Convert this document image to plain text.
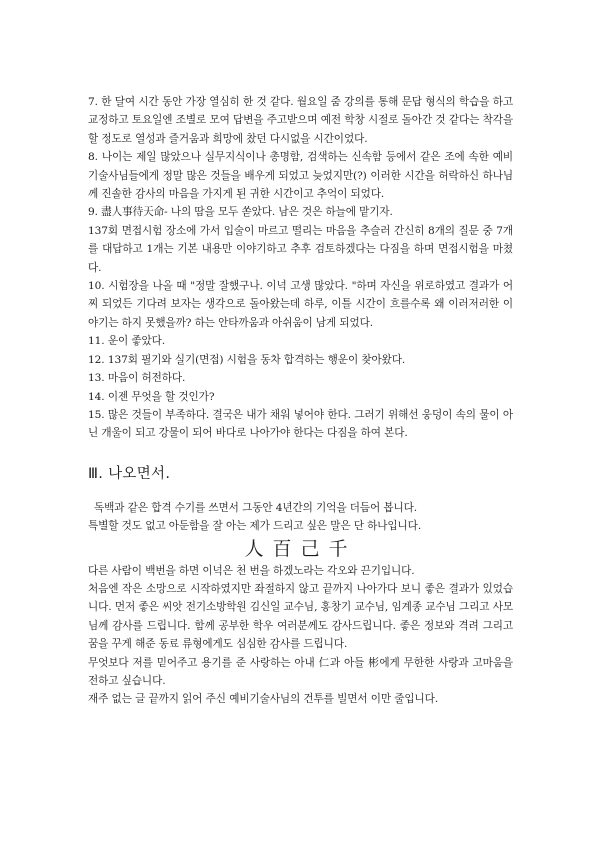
7. 한 달여 시간 동안 가장 열심히 한 것 같다. 월요일 줌 강의를 통해 문답 형식의 학습을 하고 교정하고 토요일엔 조별로 모여 답변을 주고받으며 예전 학창 시절로 돌아간 것 같다는 착각을 할 정도로 열성과 즐거움과 희망에 찼던 다시없을 시간이었다.

8. 나이는 제일 많았으나 실무지식이나 총명함, 검색하는 신속함 등에서 같은 조에 속한 예비기술사님들에게 정말 많은 것들을 배우게 되었고 늦었지만(?) 이러한 시간을 허락하신 하나님께 진솔한 감사의 마음을 가지게 된 귀한 시간이고 추억이 되었다.

9. 盡人事待天命- 나의 땀을 모두 쏟았다. 남은 것은 하늘에 맡기자.

137회 면접시험 장소에 가서 입술이 마르고 떨리는 마음을 추슬러 간신히 8개의 질문 중 7개를 대답하고 1개는 기본 내용만 이야기하고 추후 검토하겠다는 다짐을 하며 면접시험을 마쳤다.

10. 시험장을 나올 때 "정말 잘했구나. 이넉 고생 많았다. "하며 자신을 위로하였고 결과가 어찌 되었든 기다려 보자는 생각으로 돌아왔는데 하루, 이틀 시간이 흐를수록 왜 이러저러한 이야기는 하지 못했을까? 하는 안타까움과 아쉬움이 남게 되었다.

11. 운이 좋았다.

12. 137회 필기와 실기(면접) 시험을 동차 합격하는 행운이 찾아왔다.

13. 마음이 허전하다.

14. 이젠 무엇을 할 것인가?

15. 많은 것들이 부족하다. 결국은 내가 채워 넣어야 한다. 그러기 위해선 웅덩이 속의 물이 아닌 개울이 되고 강물이 되어 바다로 나아가야 한다는 다짐을 하여 본다.

Ⅲ. 나오면서.

독백과 같은 합격 수기를 쓰면서 그동안 4년간의 기억을 더듬어 봅니다.

특별할 것도 없고 아둔함을 잘 아는 제가 드리고 싶은 말은 단 하나입니다.

人百己千

다른 사람이 백번을 하면 이넉은 천 번을 하겠노라는 각오와 끈기입니다.

처음엔 작은 소망으로 시작하였지만 좌절하지 않고 끝까지 나아가다 보니 좋은 결과가 있었습니다. 먼저 좋은 씨앗 전기소방학원 김신일 교수님, 홍창기 교수님, 임계종 교수님 그리고 사모님께 감사를 드립니다. 함께 공부한 학우 여러분께도 감사드립니다. 좋은 정보와 격려 그리고 꿈을 꾸게 해준 동료 류형에게도 심심한 감사를 드립니다.

무엇보다 저를 믿어주고 용기를 준 사랑하는 아내 仁과 아들 彬에게 무한한 사랑과 고마움을 전하고 싶습니다.

재주 없는 글 끝까지 읽어 주신 예비기술사님의 건투를 빌면서 이만 줄입니다.
